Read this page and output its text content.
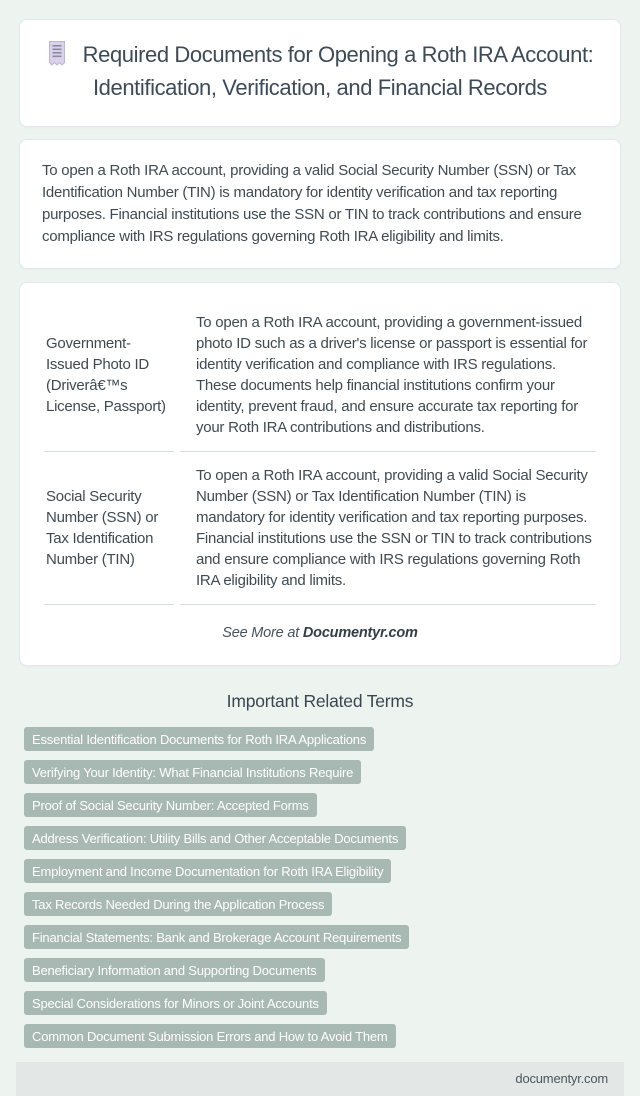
Required Documents for Opening a Roth IRA Account: Identification, Verification, and Financial Records

To open a Roth IRA account, providing a valid Social Security Number (SSN) or Tax Identification Number (TIN) is mandatory for identity verification and tax reporting purposes. Financial institutions use the SSN or TIN to track contributions and ensure compliance with IRS regulations governing Roth IRA eligibility and limits.

Government-Issued Photo ID (Driverâ€™s License, Passport)	To open a Roth IRA account, providing a government-issued photo ID such as a driver's license or passport is essential for identity verification and compliance with IRS regulations. These documents help financial institutions confirm your identity, prevent fraud, and ensure accurate tax reporting for your Roth IRA contributions and distributions.
Social Security Number (SSN) or Tax Identification Number (TIN)	To open a Roth IRA account, providing a valid Social Security Number (SSN) or Tax Identification Number (TIN) is mandatory for identity verification and tax reporting purposes. Financial institutions use the SSN or TIN to track contributions and ensure compliance with IRS regulations governing Roth IRA eligibility and limits.

See More at Documentyr.com

Important Related Terms
Essential Identification Documents for Roth IRA Applications
Verifying Your Identity: What Financial Institutions Require
Proof of Social Security Number: Accepted Forms
Address Verification: Utility Bills and Other Acceptable Documents
Employment and Income Documentation for Roth IRA Eligibility
Tax Records Needed During the Application Process
Financial Statements: Bank and Brokerage Account Requirements
Beneficiary Information and Supporting Documents
Special Considerations for Minors or Joint Accounts
Common Document Submission Errors and How to Avoid Them
documentyr.com
